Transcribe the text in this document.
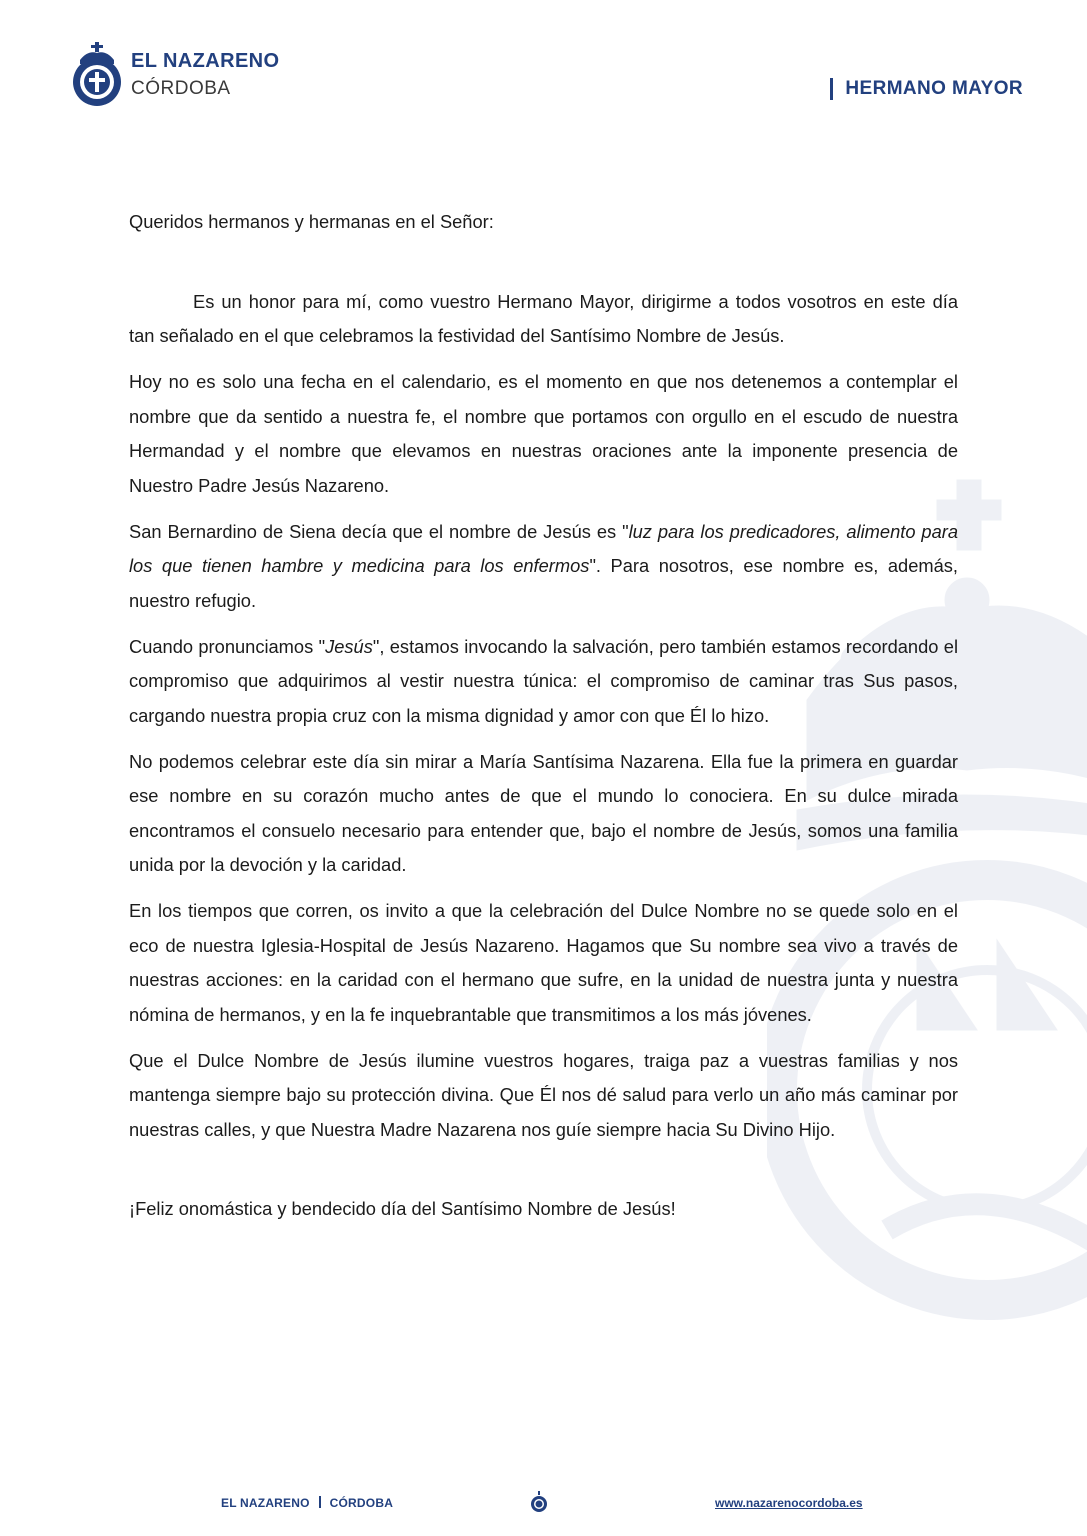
EL NAZARENO
CÓRDOBA	HERMANO MAYOR

Queridos hermanos y hermanas en el Señor:

Es un honor para mí, como vuestro Hermano Mayor, dirigirme a todos vosotros en este día tan señalado en el que celebramos la festividad del Santísimo Nombre de Jesús.

Hoy no es solo una fecha en el calendario, es el momento en que nos detenemos a contemplar el nombre que da sentido a nuestra fe, el nombre que portamos con orgullo en el escudo de nuestra Hermandad y el nombre que elevamos en nuestras oraciones ante la imponente presencia de Nuestro Padre Jesús Nazareno.

San Bernardino de Siena decía que el nombre de Jesús es "luz para los predicadores, alimento para los que tienen hambre y medicina para los enfermos". Para nosotros, ese nombre es, además, nuestro refugio.

Cuando pronunciamos "Jesús", estamos invocando la salvación, pero también estamos recordando el compromiso que adquirimos al vestir nuestra túnica: el compromiso de caminar tras Sus pasos, cargando nuestra propia cruz con la misma dignidad y amor con que Él lo hizo.

No podemos celebrar este día sin mirar a María Santísima Nazarena. Ella fue la primera en guardar ese nombre en su corazón mucho antes de que el mundo lo conociera. En su dulce mirada encontramos el consuelo necesario para entender que, bajo el nombre de Jesús, somos una familia unida por la devoción y la caridad.

En los tiempos que corren, os invito a que la celebración del Dulce Nombre no se quede solo en el eco de nuestra Iglesia-Hospital de Jesús Nazareno. Hagamos que Su nombre sea vivo a través de nuestras acciones: en la caridad con el hermano que sufre, en la unidad de nuestra junta y nuestra nómina de hermanos, y en la fe inquebrantable que transmitimos a los más jóvenes.

Que el Dulce Nombre de Jesús ilumine vuestros hogares, traiga paz a vuestras familias y nos mantenga siempre bajo su protección divina. Que Él nos dé salud para verlo un año más caminar por nuestras calles, y que Nuestra Madre Nazarena nos guíe siempre hacia Su Divino Hijo.

¡Feliz onomástica y bendecido día del Santísimo Nombre de Jesús!

EL NAZARENO CÓRDOBA	www.nazarenocordoba.es
